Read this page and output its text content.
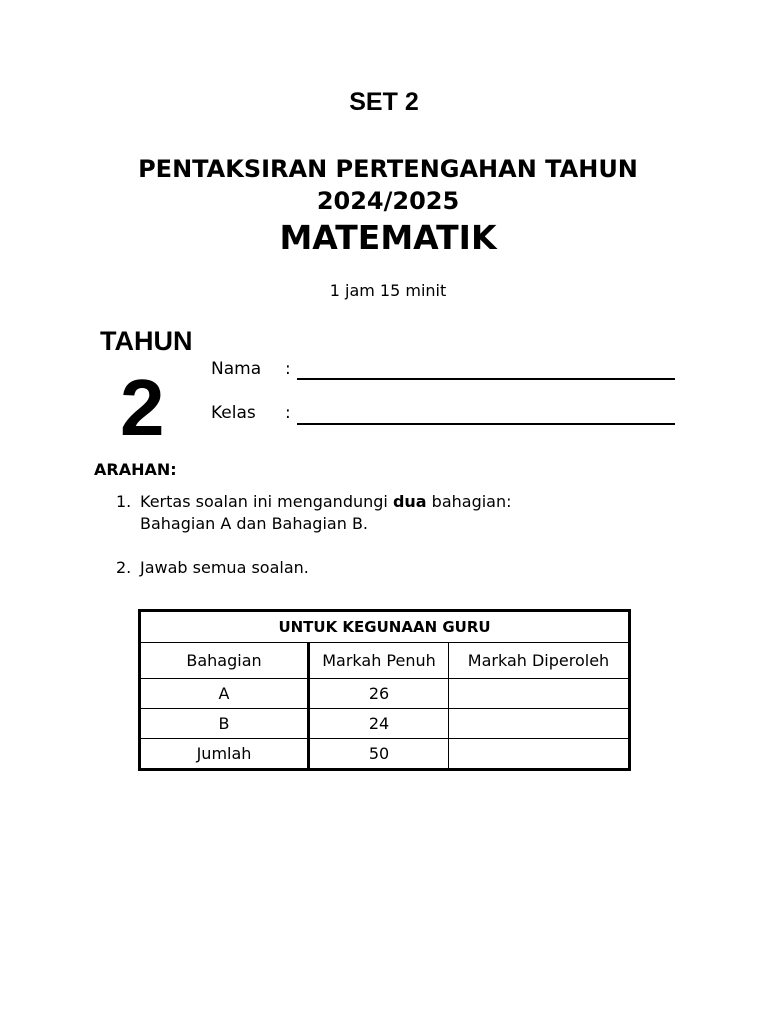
SET 2
PENTAKSIRAN PERTENGAHAN TAHUN
2024/2025
MATEMATIK
1 jam 15 minit
TAHUN
2	Nama :
Kelas :
ARAHAN:
1. Kertas soalan ini mengandungi dua bahagian:
Bahagian A dan Bahagian B.
2. Jawab semua soalan.
UNTUK KEGUNAAN GURU		
Bahagian	Markah Penuh	Markah Diperoleh
A	26	
B	24	
Jumlah	50	
